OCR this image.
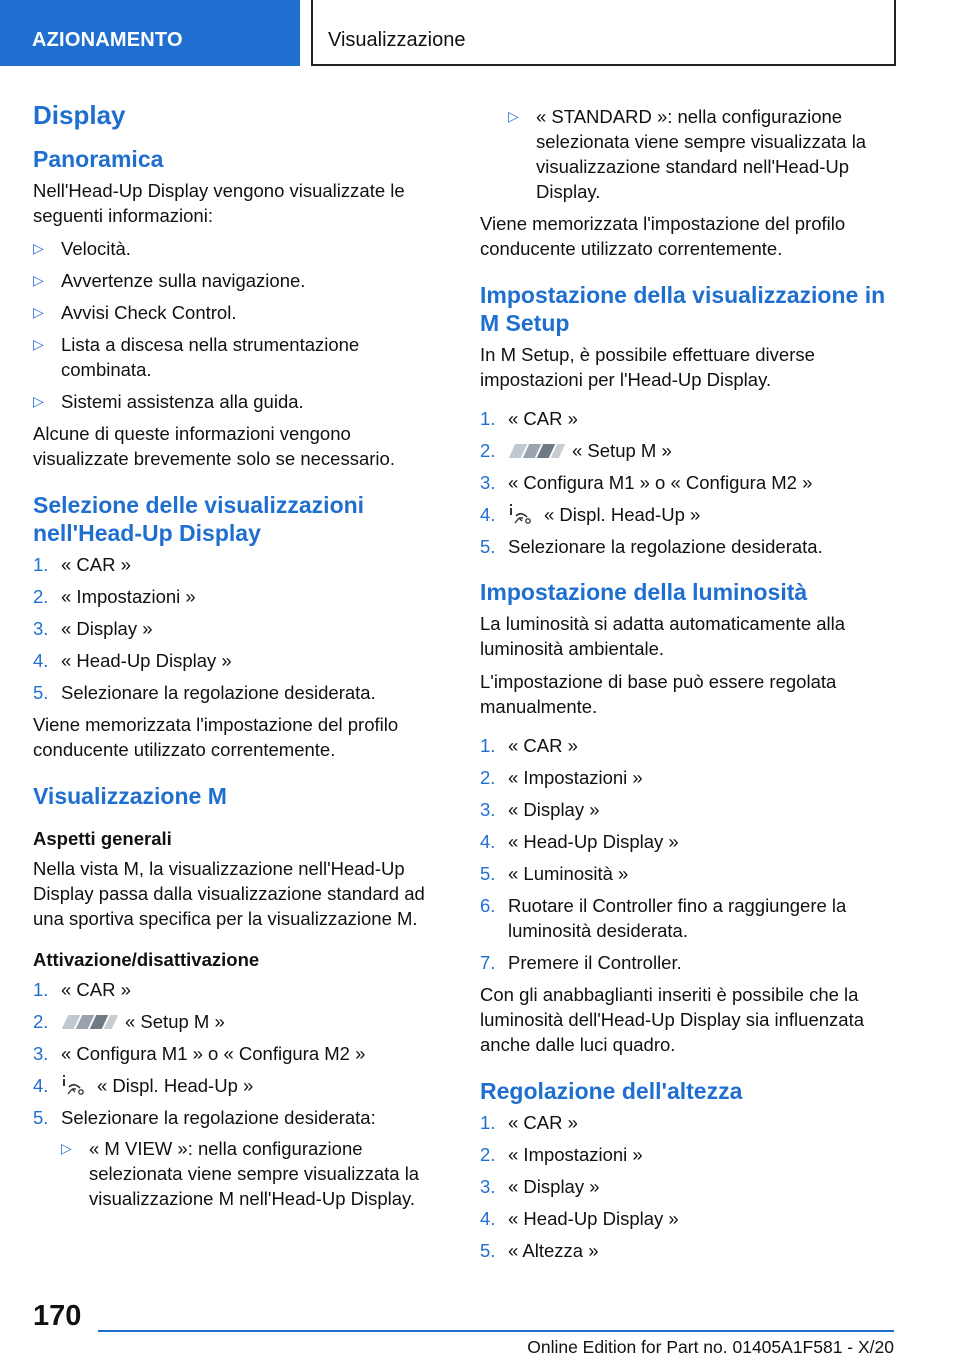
AZIONAMENTO	Visualizzazione
Display
Panoramica

Nell'Head-Up Display vengono visualizzate le seguenti informazioni:

▷ Velocità.
▷ Avvertenze sulla navigazione.
▷ Avvisi Check Control.
▷ Lista a discesa nella strumentazione combinata.
▷ Sistemi assistenza alla guida.

Alcune di queste informazioni vengono visualizzate brevemente solo se necessario.

Selezione delle visualizzazioni nell'Head-Up Display
1. « CAR »
2. « Impostazioni »
3. « Display »
4. « Head-Up Display »
5. Selezionare la regolazione desiderata.

Viene memorizzata l'impostazione del profilo conducente utilizzato correntemente.

Visualizzazione M
Aspetti generali

Nella vista M, la visualizzazione nell'Head-Up Display passa dalla visualizzazione standard ad una sportiva specifica per la visualizzazione M.

Attivazione/disattivazione
1. « CAR »
2.	« Setup M »
3. « Configura M1 » o « Configura M2 »
4.	« Displ. Head-Up »
5. Selezionare la regolazione desiderata:
▷ « M VIEW »: nella configurazione selezionata viene sempre visualizzata la visualizzazione M nell'Head-Up Display.
▷ « STANDARD »: nella configurazione selezionata viene sempre visualizzata la visualizzazione standard nell'Head-Up Display.

Viene memorizzata l'impostazione del profilo conducente utilizzato correntemente.

Impostazione della visualizzazione in M Setup

In M Setup, è possibile effettuare diverse impostazioni per l'Head-Up Display.

1. « CAR »
2.	« Setup M »
3. « Configura M1 » o « Configura M2 »
4.	« Displ. Head-Up »
5. Selezionare la regolazione desiderata.
Impostazione della luminosità

La luminosità si adatta automaticamente alla luminosità ambientale.

L'impostazione di base può essere regolata manualmente.

1. « CAR »
2. « Impostazioni »
3. « Display »
4. « Head-Up Display »
5. « Luminosità »
6. Ruotare il Controller fino a raggiungere la luminosità desiderata.
7. Premere il Controller.

Con gli anabbaglianti inseriti è possibile che la luminosità dell'Head-Up Display sia influenzata anche dalle luci quadro.

Regolazione dell'altezza
1. « CAR »
2. « Impostazioni »
3. « Display »
4. « Head-Up Display »
5. « Altezza »
170
Online Edition for Part no. 01405A1F581 - X/20
